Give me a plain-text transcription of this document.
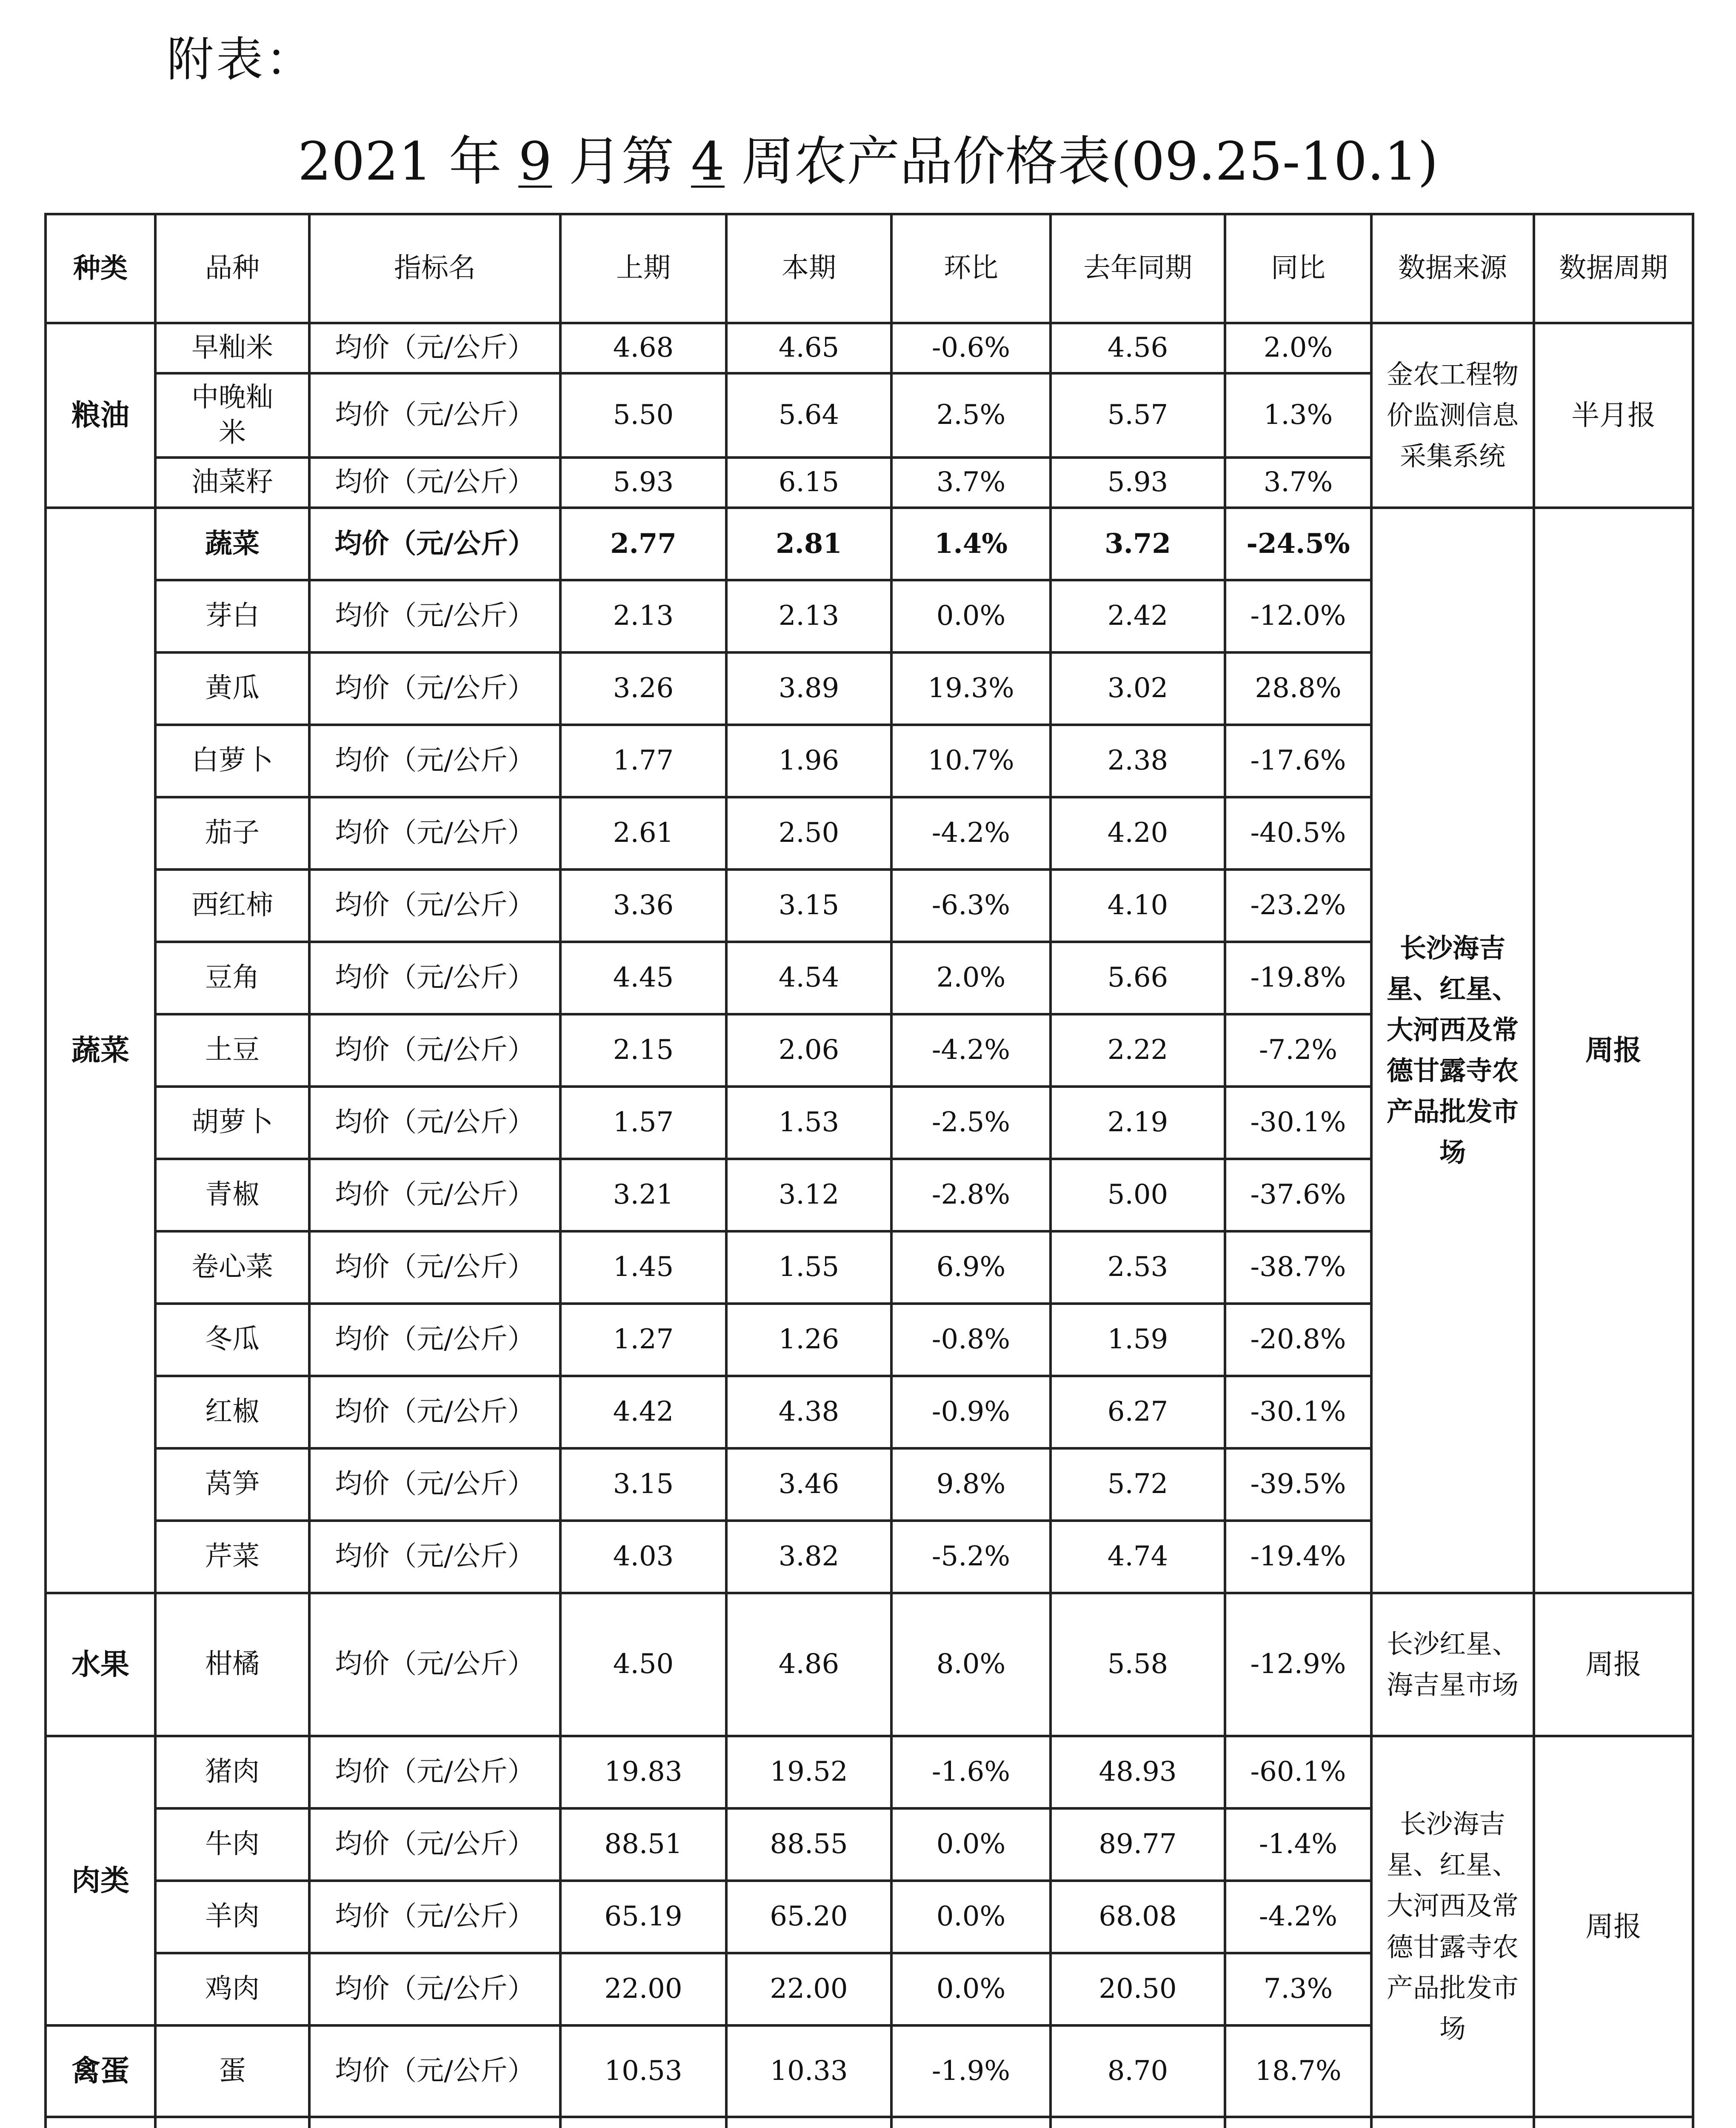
附表：
2021 年 9 月第 4 周农产品价格表(09.25-10.1)
种类	品种	指标名	上期	本期	环比	去年同期	同比	数据来源	数据周期
粮油	早籼米	均价（元/公斤）	4.68	4.65	-0.6%	4.56	2.0%	金农工程物价监测信息采集系统	半月报
	中晚籼米	均价（元/公斤）	5.50	5.64	2.5%	5.57	1.3%		
	油菜籽	均价（元/公斤）	5.93	6.15	3.7%	5.93	3.7%		
蔬菜	蔬菜	均价（元/公斤）	2.77	2.81	1.4%	3.72	-24.5%	长沙海吉星、红星、大河西及常德甘露寺农产品批发市场	周报
	芽白	均价（元/公斤）	2.13	2.13	0.0%	2.42	-12.0%		
	黄瓜	均价（元/公斤）	3.26	3.89	19.3%	3.02	28.8%		
	白萝卜	均价（元/公斤）	1.77	1.96	10.7%	2.38	-17.6%		
	茄子	均价（元/公斤）	2.61	2.50	-4.2%	4.20	-40.5%		
	西红柿	均价（元/公斤）	3.36	3.15	-6.3%	4.10	-23.2%		
	豆角	均价（元/公斤）	4.45	4.54	2.0%	5.66	-19.8%		
	土豆	均价（元/公斤）	2.15	2.06	-4.2%	2.22	-7.2%		
	胡萝卜	均价（元/公斤）	1.57	1.53	-2.5%	2.19	-30.1%		
	青椒	均价（元/公斤）	3.21	3.12	-2.8%	5.00	-37.6%		
	卷心菜	均价（元/公斤）	1.45	1.55	6.9%	2.53	-38.7%		
	冬瓜	均价（元/公斤）	1.27	1.26	-0.8%	1.59	-20.8%		
	红椒	均价（元/公斤）	4.42	4.38	-0.9%	6.27	-30.1%		
	莴笋	均价（元/公斤）	3.15	3.46	9.8%	5.72	-39.5%		
	芹菜	均价（元/公斤）	4.03	3.82	-5.2%	4.74	-19.4%		
水果	柑橘	均价（元/公斤）	4.50	4.86	8.0%	5.58	-12.9%	长沙红星、海吉星市场	周报
肉类	猪肉	均价（元/公斤）	19.83	19.52	-1.6%	48.93	-60.1%	长沙海吉星、红星、大河西及常德甘露寺农产品批发市场	周报
	牛肉	均价（元/公斤）	88.51	88.55	0.0%	89.77	-1.4%		
	羊肉	均价（元/公斤）	65.19	65.20	0.0%	68.08	-4.2%		
	鸡肉	均价（元/公斤）	22.00	22.00	0.0%	20.50	7.3%		
禽蛋	蛋	均价（元/公斤）	10.53	10.33	-1.9%	8.70	18.7%		
